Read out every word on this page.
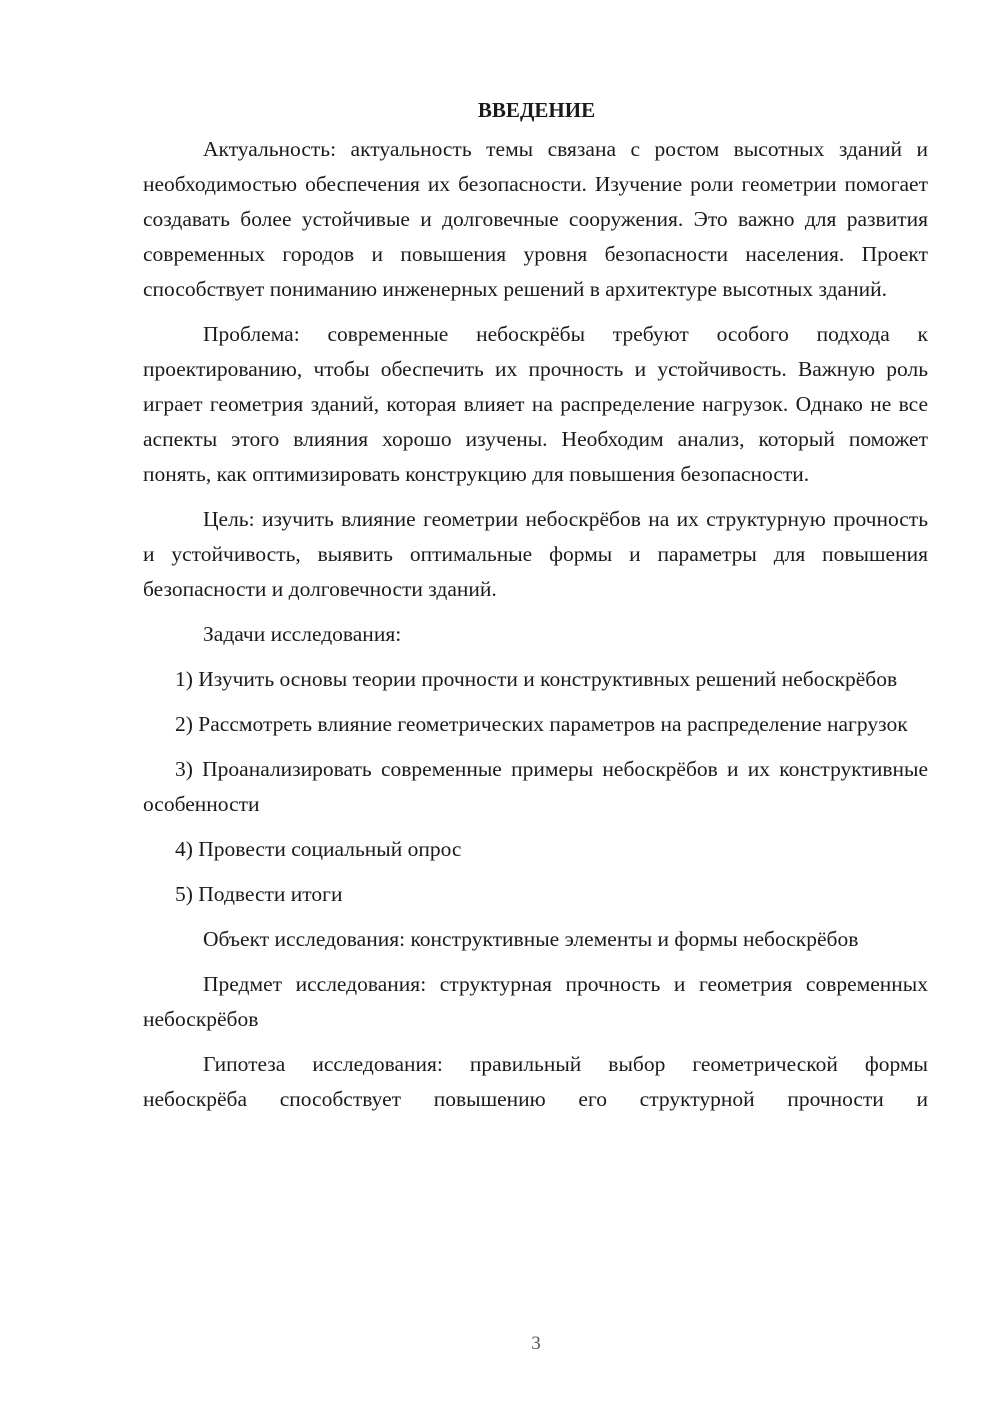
ВВЕДЕНИЕ

Актуальность: актуальность темы связана с ростом высотных зданий и необходимостью обеспечения их безопасности. Изучение роли геометрии помогает создавать более устойчивые и долговечные сооружения. Это важно для развития современных городов и повышения уровня безопасности населения. Проект способствует пониманию инженерных решений в архитектуре высотных зданий.

Проблема: современные небоскрёбы требуют особого подхода к проектированию, чтобы обеспечить их прочность и устойчивость. Важную роль играет геометрия зданий, которая влияет на распределение нагрузок. Однако не все аспекты этого влияния хорошо изучены. Необходим анализ, который поможет понять, как оптимизировать конструкцию для повышения безопасности.

Цель: изучить влияние геометрии небоскрёбов на их структурную прочность и устойчивость, выявить оптимальные формы и параметры для повышения безопасности и долговечности зданий.

Задачи исследования:

1) Изучить основы теории прочности и конструктивных решений небоскрёбов

2) Рассмотреть влияние геометрических параметров на распределение нагрузок

3) Проанализировать современные примеры небоскрёбов и их конструктивные особенности

4) Провести социальный опрос

5) Подвести итоги

Объект исследования: конструктивные элементы и формы небоскрёбов

Предмет исследования: структурная прочность и геометрия современных небоскрёбов

Гипотеза исследования: правильный выбор геометрической формы небоскрёба способствует повышению его структурной прочности и

3
